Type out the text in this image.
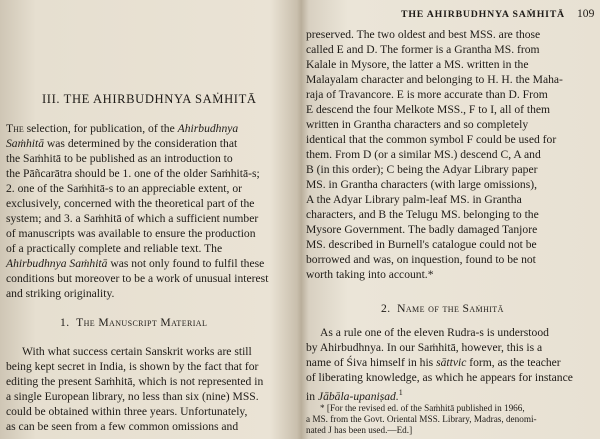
III. THE AHIRBUDHNYA SAṀHITĀ
The selection, for publication, of the Ahirbudhnya
Saṁhitā was determined by the consideration that
the Saṁhitā to be published as an introduction to
the Pāñcarātra should be 1. one of the older Saṁhitā-s;
2. one of the Saṁhitā-s to an appreciable extent, or
exclusively, concerned with the theoretical part of the
system; and 3. a Saṁhitā of which a sufficient number
of manuscripts was available to ensure the production
of a practically complete and reliable text. The
Ahirbudhnya Saṁhitā was not only found to fulfil these
conditions but moreover to be a work of unusual interest
and striking originality.
1. The Manuscript Material
With what success certain Sanskrit works are still
being kept secret in India, is shown by the fact that for
editing the present Saṁhitā, which is not represented in
a single European library, no less than six (nine) MSS.
could be obtained within three years. Unfortunately,
as can be seen from a few common omissions and
THE AHIRBUDHNYA SAṀHITĀ 109
preserved. The two oldest and best MSS. are those
called E and D. The former is a Grantha MS. from
Kalale in Mysore, the latter a MS. written in the
Malayalam character and belonging to H. H. the Maha-
raja of Travancore. E is more accurate than D. From
E descend the four Melkote MSS., F to I, all of them
written in Grantha characters and so completely
identical that the common symbol F could be used for
them. From D (or a similar MS.) descend C, A and
B (in this order); C being the Adyar Library paper
MS. in Grantha characters (with large omissions),
A the Adyar Library palm-leaf MS. in Grantha
characters, and B the Telugu MS. belonging to the
Mysore Government. The badly damaged Tanjore
MS. described in Burnell's catalogue could not be
borrowed and was, on inquestion, found to be not
worth taking into account.*
2. Name of the Saṁhitā
As a rule one of the eleven Rudra-s is understood
by Ahirbudhnya. In our Saṁhitā, however, this is a
name of Śiva himself in his sāttvic form, as the teacher
of liberating knowledge, as which he appears for instance
in Jābāla-upaniṣad.$^1$
* [For the revised ed. of the Saṁhitā published in 1966,
a MS. from the Govt. Oriental MSS. Library, Madras, denomi-
nated J has been used.—Ed.]
